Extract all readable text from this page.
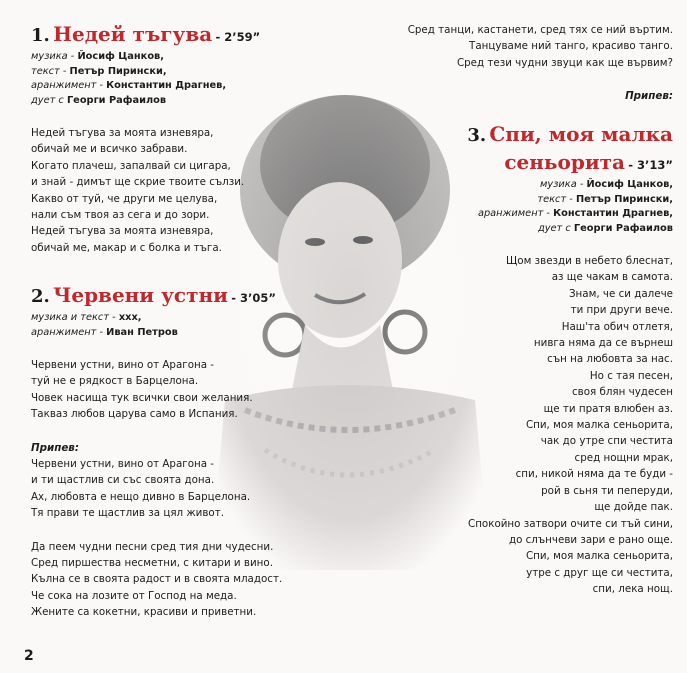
1. Недей тъгува - 2’59”
музика - Йосиф Цанков,
текст - Петър Пирински,
аранжимент - Константин Драгнев,
дует с Георги Рафаилов

Недей тъгува за моята изневяра,

обичай ме и всичко забрави.

Когато плачеш, запалвай си цигара,

и знай - димът ще скрие твоите сълзи.

Какво от туй, че други ме целува,

нали съм твоя аз сега и до зори.

Недей тъгува за моята изневяра,

обичай ме, макар и с болка и тъга.

2. Червени устни - 3’05”
музика и текст - ххх,
аранжимент - Иван Петров

Червени устни, вино от Арагона -

туй не е рядкост в Барцелона.

Човек насища тук всички свои желания.

Такваз любов царува само в Испания.

Припев:

Червени устни, вино от Арагона -

и ти щастлив си със своята дона.

Ах, любовта е нещо дивно в Барцелона.

Тя прави те щастлив за цял живот.

Да пеем чудни песни сред тия дни чудесни.

Сред пиршества несметни, с китари и вино.

Кълна се в своята радост и в своята младост.

Че сока на лозите от Господ на меда.

Жените са кокетни, красиви и приветни.

Сред танци, кастанети, сред тях се ний въртим.

Танцуваме ний танго, красиво танго.

Сред тези чудни звуци как ще вървим?

Припев:
3. Спи, моя малка
сеньорита - 3’13”
музика - Йосиф Цанков,
текст - Петър Пирински,
аранжимент - Константин Драгнев,
дует с Георги Рафаилов

Щом звезди в небето блеснат,

аз ще чакам в самота.

Знам, че си далече

ти при други вече.

Наш'та обич отлетя,

нивга няма да се върнеш

сън на любовта за нас.

Но с тая песен,

своя блян чудесен

ще ти пратя влюбен аз.

Спи, моя малка сеньорита,

чак до утре спи честита

сред нощни мрак,

спи, никой няма да те буди -

рой в сьня ти пеперуди,

ще дойде пак.

Спокойно затвори очите си тъй сини,

до слънчеви зари е рано още.

Спи, моя малка сеньорита,

утре с друг ще си честита,

спи, лека нощ.

2
